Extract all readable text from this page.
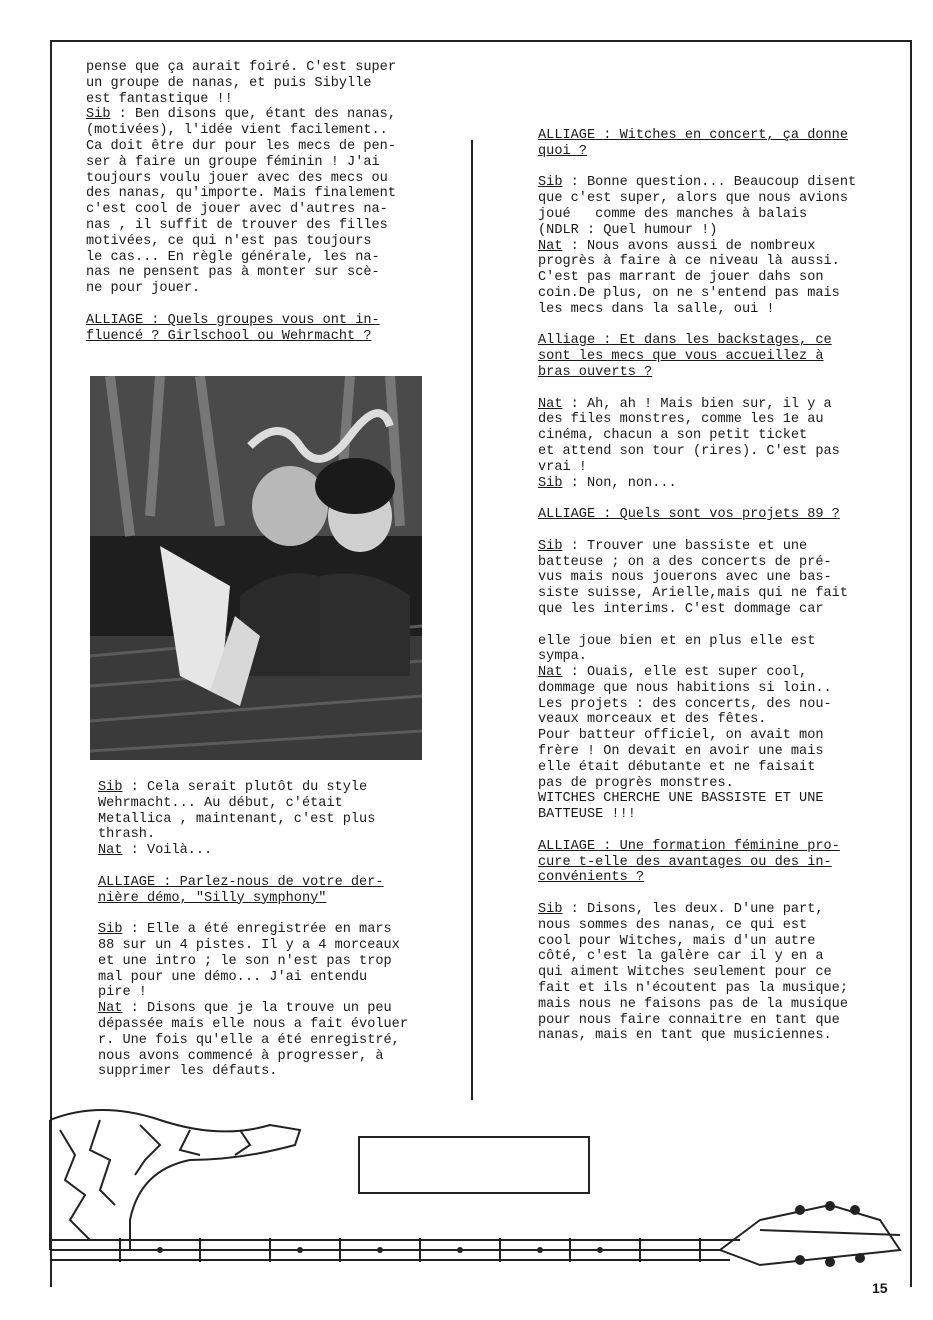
pense que ça aurait foiré. C'est super

un groupe de nanas, et puis Sibylle

est fantastique !!

Sib : Ben disons que, étant des nanas,

(motivées), l'idée vient facilement..

Ca doit être dur pour les mecs de pen-

ser à faire un groupe féminin ! J'ai

toujours voulu jouer avec des mecs ou

des nanas, qu'importe. Mais finalement

c'est cool de jouer avec d'autres na-

nas , il suffit de trouver des filles

motivées, ce qui n'est pas toujours

le cas... En règle générale, les na-

nas ne pensent pas à monter sur scè-

ne pour jouer.

ALLIAGE : Quels groupes vous ont in-

fluencé ? Girlschool ou Wehrmacht ?

Sib : Cela serait plutôt du style

Wehrmacht... Au début, c'était

Metallica , maintenant, c'est plus

thrash.

Nat : Voilà...

ALLIAGE : Parlez-nous de votre der-

nière démo, "Silly symphony"

Sib : Elle a été enregistrée en mars

88 sur un 4 pistes. Il y a 4 morceaux

et une intro ; le son n'est pas trop

mal pour une démo... J'ai entendu

pire !

Nat : Disons que je la trouve un peu

dépassée mais elle nous a fait évoluer

r. Une fois qu'elle a été enregistré,

nous avons commencé à progresser, à

supprimer les défauts.

ALLIAGE : Witches en concert, ça donne

quoi ?

Sib : Bonne question... Beaucoup disent

que c'est super, alors que nous avions

joué   comme des manches à balais

(NDLR : Quel humour !)

Nat : Nous avons aussi de nombreux

progrès à faire à ce niveau là aussi.

C'est pas marrant de jouer dahs son

coin.De plus, on ne s'entend pas mais

les mecs dans la salle, oui !

Alliage : Et dans les backstages, ce

sont les mecs que vous accueillez à

bras ouverts ?

Nat : Ah, ah ! Mais bien sur, il y a

des files monstres, comme les 1e au

cinéma, chacun a son petit ticket

et attend son tour (rires). C'est pas

vrai !

Sib : Non, non...

ALLIAGE : Quels sont vos projets 89 ?

Sib : Trouver une bassiste et une

batteuse ; on a des concerts de pré-

vus mais nous jouerons avec une bas-

siste suisse, Arielle,mais qui ne fait

que les interims. C'est dommage car

elle joue bien et en plus elle est

sympa.

Nat : Ouais, elle est super cool,

dommage que nous habitions si loin..

Les projets : des concerts, des nou-

veaux morceaux et des fêtes.

Pour batteur officiel, on avait mon

frère ! On devait en avoir une mais

elle était débutante et ne faisait

pas de progrès monstres.

WITCHES CHERCHE UNE BASSISTE ET UNE

BATTEUSE !!!

ALLIAGE : Une formation féminine pro-

cure t-elle des avantages ou des in-

convénients ?

Sib : Disons, les deux. D'une part,

nous sommes des nanas, ce qui est

cool pour Witches, mais d'un autre

côté, c'est la galère car il y en a

qui aiment Witches seulement pour ce

fait et ils n'écoutent pas la musique;

mais nous ne faisons pas de la musique

pour nous faire connaitre en tant que

nanas, mais en tant que musiciennes.

15
